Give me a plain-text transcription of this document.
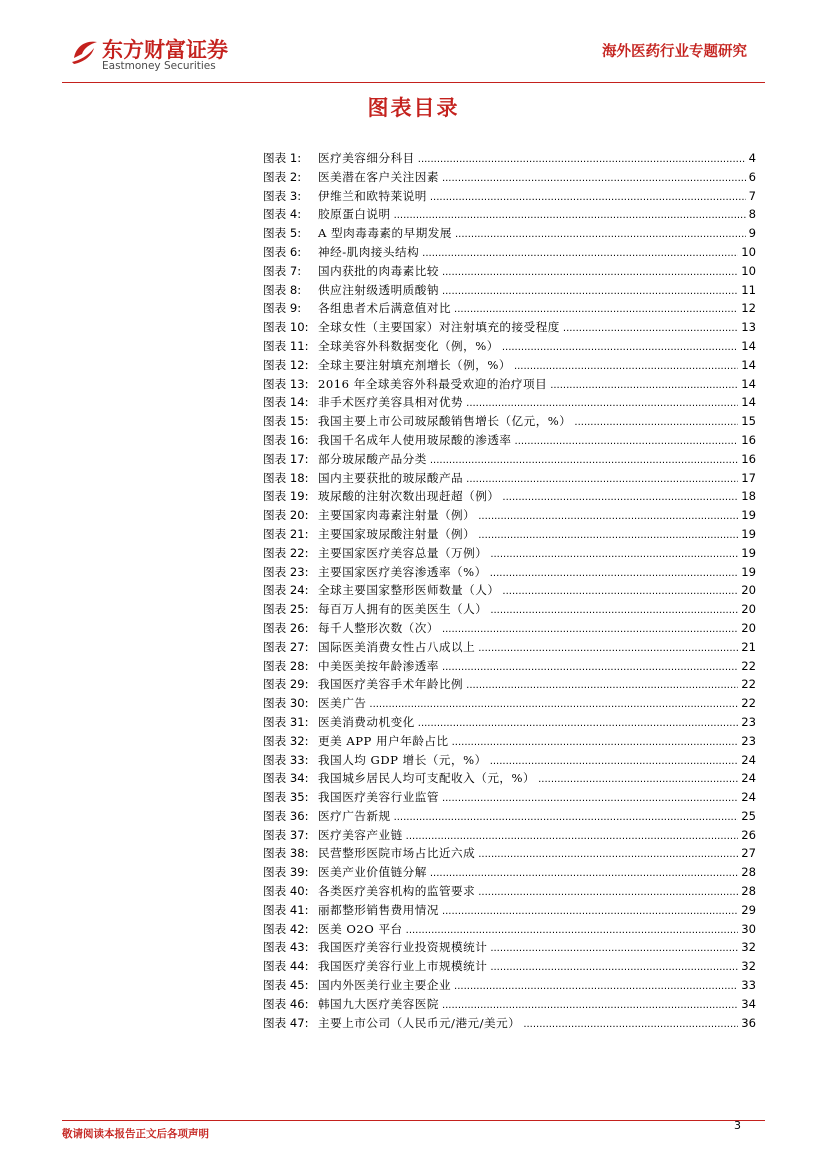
东方财富证券
Eastmoney Securities
海外医药行业专题研究
图表目录
图表 1:	医疗美容细分科目 .....	4
图表 2:	医美潜在客户关注因素 .....	6
图表 3:	伊维兰和欧特莱说明 .....	7
图表 4:	胶原蛋白说明 .....	8
图表 5:	A 型肉毒毒素的早期发展 .....	9
图表 6:	神经-肌肉接头结构 .....	10
图表 7:	国内获批的肉毒素比较 .....	10
图表 8:	供应注射级透明质酸钠 .....	11
图表 9:	各组患者术后满意值对比 .....	12
图表 10: 全球女性（主要国家）对注射填充的接受程度 .....	13
图表 11: 全球美容外科数据变化（例，%） .....	14
图表 12: 全球主要注射填充剂增长（例，%） .....	14
图表 13: 2016 年全球美容外科最受欢迎的治疗项目 .....	14
图表 14: 非手术医疗美容具相对优势 .....	14
图表 15: 我国主要上市公司玻尿酸销售增长（亿元，%） .....	15
图表 16: 我国千名成年人使用玻尿酸的渗透率 .....	16
图表 17: 部分玻尿酸产品分类 .....	16
图表 18: 国内主要获批的玻尿酸产品 .....	17
图表 19: 玻尿酸的注射次数出现赶超（例） .....	18
图表 20: 主要国家肉毒素注射量（例） .....	19
图表 21: 主要国家玻尿酸注射量（例） .....	19
图表 22: 主要国家医疗美容总量（万例） .....	19
图表 23: 主要国家医疗美容渗透率（%） .....	19
图表 24: 全球主要国家整形医师数量（人） .....	20
图表 25: 每百万人拥有的医美医生（人） .....	20
图表 26: 每千人整形次数（次） .....	20
图表 27: 国际医美消费女性占八成以上 .....	21
图表 28: 中美医美按年龄渗透率 .....	22
图表 29: 我国医疗美容手术年龄比例 .....	22
图表 30: 医美广告 .....	22
图表 31: 医美消费动机变化 .....	23
图表 32: 更美 APP 用户年龄占比 .....	23
图表 33: 我国人均 GDP 增长（元，%） .....	24
图表 34: 我国城乡居民人均可支配收入（元，%） .....	24
图表 35: 我国医疗美容行业监管 .....	24
图表 36: 医疗广告新规 .....	25
图表 37: 医疗美容产业链 .....	26
图表 38: 民营整形医院市场占比近六成 .....	27
图表 39: 医美产业价值链分解 .....	28
图表 40: 各类医疗美容机构的监管要求 .....	28
图表 41: 丽都整形销售费用情况 .....	29
图表 42: 医美 O2O 平台 .....	30
图表 43: 我国医疗美容行业投资规模统计 .....	32
图表 44: 我国医疗美容行业上市规模统计 .....	32
图表 45: 国内外医美行业主要企业 .....	33
图表 46: 韩国九大医疗美容医院 .....	34
图表 47: 主要上市公司（人民币元/港元/美元） .....	36
敬请阅读本报告正文后各项声明
3
